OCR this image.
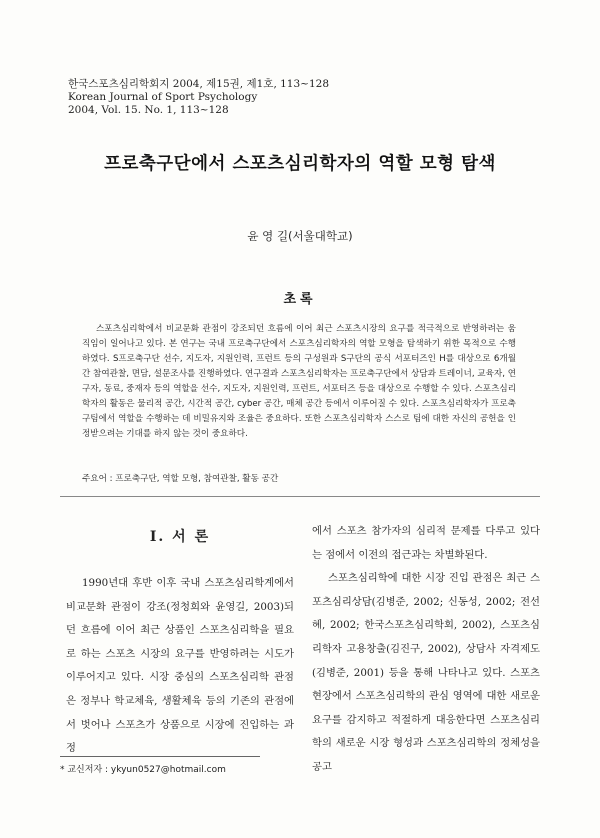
한국스포츠심리학회지 2004, 제15권, 제1호, 113~128
Korean Journal of Sport Psychology
2004, Vol. 15. No. 1, 113~128
프로축구단에서 스포츠심리학자의 역할 모형 탐색
윤 영 길(서울대학교)
초록
스포츠심리학에서 비교문화 관점이 강조되던 흐름에 이어 최근 스포츠시장의 요구를 적극적으로 반영하려는 움직임이 일어나고 있다. 본 연구는 국내 프로축구단에서 스포츠심리학자의 역할 모형을 탐색하기 위한 목적으로 수행하였다. S프로축구단 선수, 지도자, 지원인력, 프런트 등의 구성원과 S구단의 공식 서포터즈인 H를 대상으로 6개월간 참여관찰, 면담, 설문조사를 진행하였다. 연구결과 스포츠심리학자는 프로축구단에서 상담과 트레이너, 교육자, 연구자, 동료, 중재자 등의 역할을 선수, 지도자, 지원인력, 프런트, 서포터즈 등을 대상으로 수행할 수 있다. 스포츠심리학자의 활동은 물리적 공간, 시간적 공간, cyber 공간, 매체 공간 등에서 이루어질 수 있다. 스포츠심리학자가 프로축구팀에서 역할을 수행하는 데 비밀유지와 조율은 중요하다. 또한 스포츠심리학자 스스로 팀에 대한 자신의 공헌을 인정받으려는 기대를 하지 않는 것이 중요하다.
주요어 : 프로축구단, 역할 모형, 참여관찰, 활동 공간
I. 서 론

1990년대 후반 이후 국내 스포츠심리학계에서 비교문화 관점이 강조(정청희와 윤영길, 2003)되던 흐름에 이어 최근 상품인 스포츠심리학을 필요로 하는 스포츠 시장의 요구를 반영하려는 시도가 이루어지고 있다. 시장 중심의 스포츠심리학 관점은 정부나 학교체육, 생활체육 등의 기존의 관점에서 벗어나 스포츠가 상품으로 시장에 진입하는 과정

에서 스포츠 참가자의 심리적 문제를 다루고 있다는 점에서 이전의 접근과는 차별화된다.

스포츠심리학에 대한 시장 진입 관점은 최근 스포츠심리상담(김병준, 2002; 신동성, 2002; 전선혜, 2002; 한국스포츠심리학회, 2002), 스포츠심리학자 고용창출(김진구, 2002), 상담사 자격제도(김병준, 2001) 등을 통해 나타나고 있다. 스포츠 현장에서 스포츠심리학의 관심 영역에 대한 새로운 요구를 감지하고 적절하게 대응한다면 스포츠심리학의 새로운 시장 형성과 스포츠심리학의 정체성을 공고

* 교신저자 : ykyun0527@hotmail.com
